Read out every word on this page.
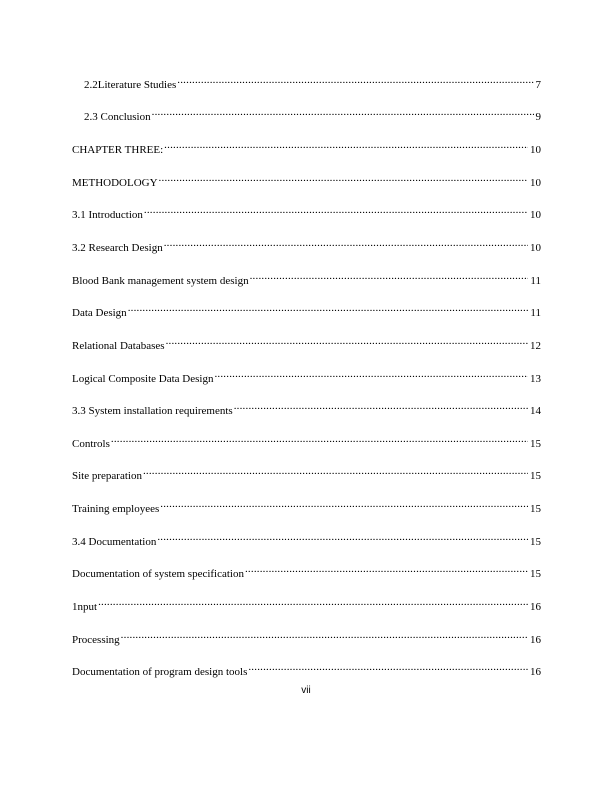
2.2Literature Studies .....	7
2.3 Conclusion .....	9
CHAPTER THREE: .....	10
METHODOLOGY .....	10
3.1 Introduction .....	10
3.2 Research Design .....	10
Blood Bank management system design .....	11
Data Design .....	11
Relational Databases .....	12
Logical Composite Data Design .....	13
3.3 System installation requirements .....	14
Controls .....	15
Site preparation .....	15
Training employees .....	15
3.4 Documentation .....	15
Documentation of system specification .....	15
1nput .....	16
Processing .....	16
Documentation of program design tools .....	16
vii
